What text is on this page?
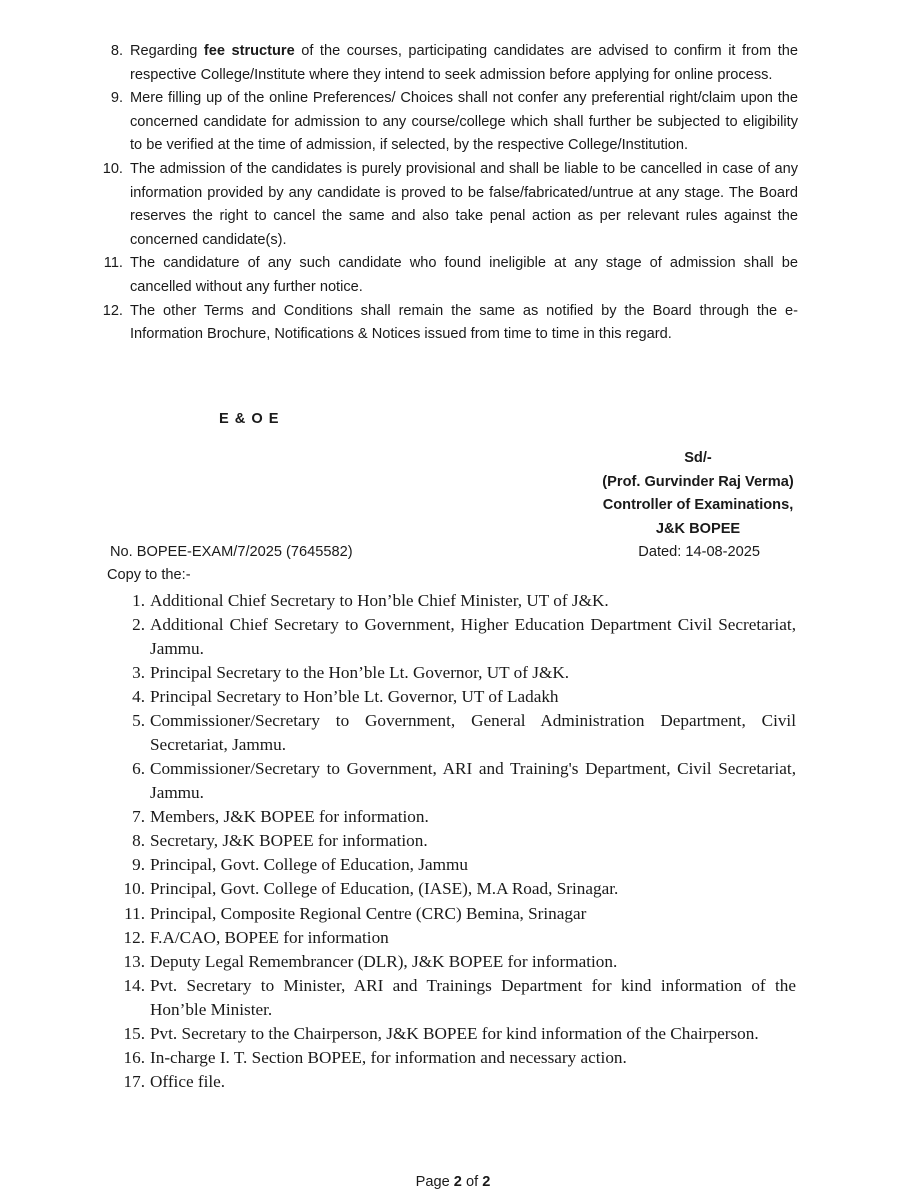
8. Regarding fee structure of the courses, participating candidates are advised to confirm it from the respective College/Institute where they intend to seek admission before applying for online process.
9. Mere filling up of the online Preferences/ Choices shall not confer any preferential right/claim upon the concerned candidate for admission to any course/college which shall further be subjected to eligibility to be verified at the time of admission, if selected, by the respective College/Institution.
10. The admission of the candidates is purely provisional and shall be liable to be cancelled in case of any information provided by any candidate is proved to be false/fabricated/untrue at any stage. The Board reserves the right to cancel the same and also take penal action as per relevant rules against the concerned candidate(s).
11. The candidature of any such candidate who found ineligible at any stage of admission shall be cancelled without any further notice.
12. The other Terms and Conditions shall remain the same as notified by the Board through the e-Information Brochure, Notifications & Notices issued from time to time in this regard.
E & O E
Sd/-
(Prof. Gurvinder Raj Verma)
Controller of Examinations,
J&K BOPEE
No. BOPEE-EXAM/7/2025 (7645582)	Dated: 14-08-2025
Copy to the:-
1. Additional Chief Secretary to Hon’ble Chief Minister, UT of J&K.
2. Additional Chief Secretary to Government, Higher Education Department Civil Secretariat, Jammu.
3. Principal Secretary to the Hon’ble Lt. Governor, UT of J&K.
4. Principal Secretary to Hon’ble Lt. Governor, UT of Ladakh
5. Commissioner/Secretary to Government, General Administration Department, Civil Secretariat, Jammu.
6. Commissioner/Secretary to Government, ARI and Training's Department, Civil Secretariat, Jammu.
7. Members, J&K BOPEE for information.
8. Secretary, J&K BOPEE for information.
9. Principal, Govt. College of Education, Jammu
10. Principal, Govt. College of Education, (IASE), M.A Road, Srinagar.
11. Principal, Composite Regional Centre (CRC) Bemina, Srinagar
12. F.A/CAO, BOPEE for information
13. Deputy Legal Remembrancer (DLR), J&K BOPEE for information.
14. Pvt. Secretary to Minister, ARI and Trainings Department for kind information of the Hon’ble Minister.
15. Pvt. Secretary to the Chairperson, J&K BOPEE for kind information of the Chairperson.
16. In-charge I. T. Section BOPEE, for information and necessary action.
17. Office file.
Page 2 of 2
